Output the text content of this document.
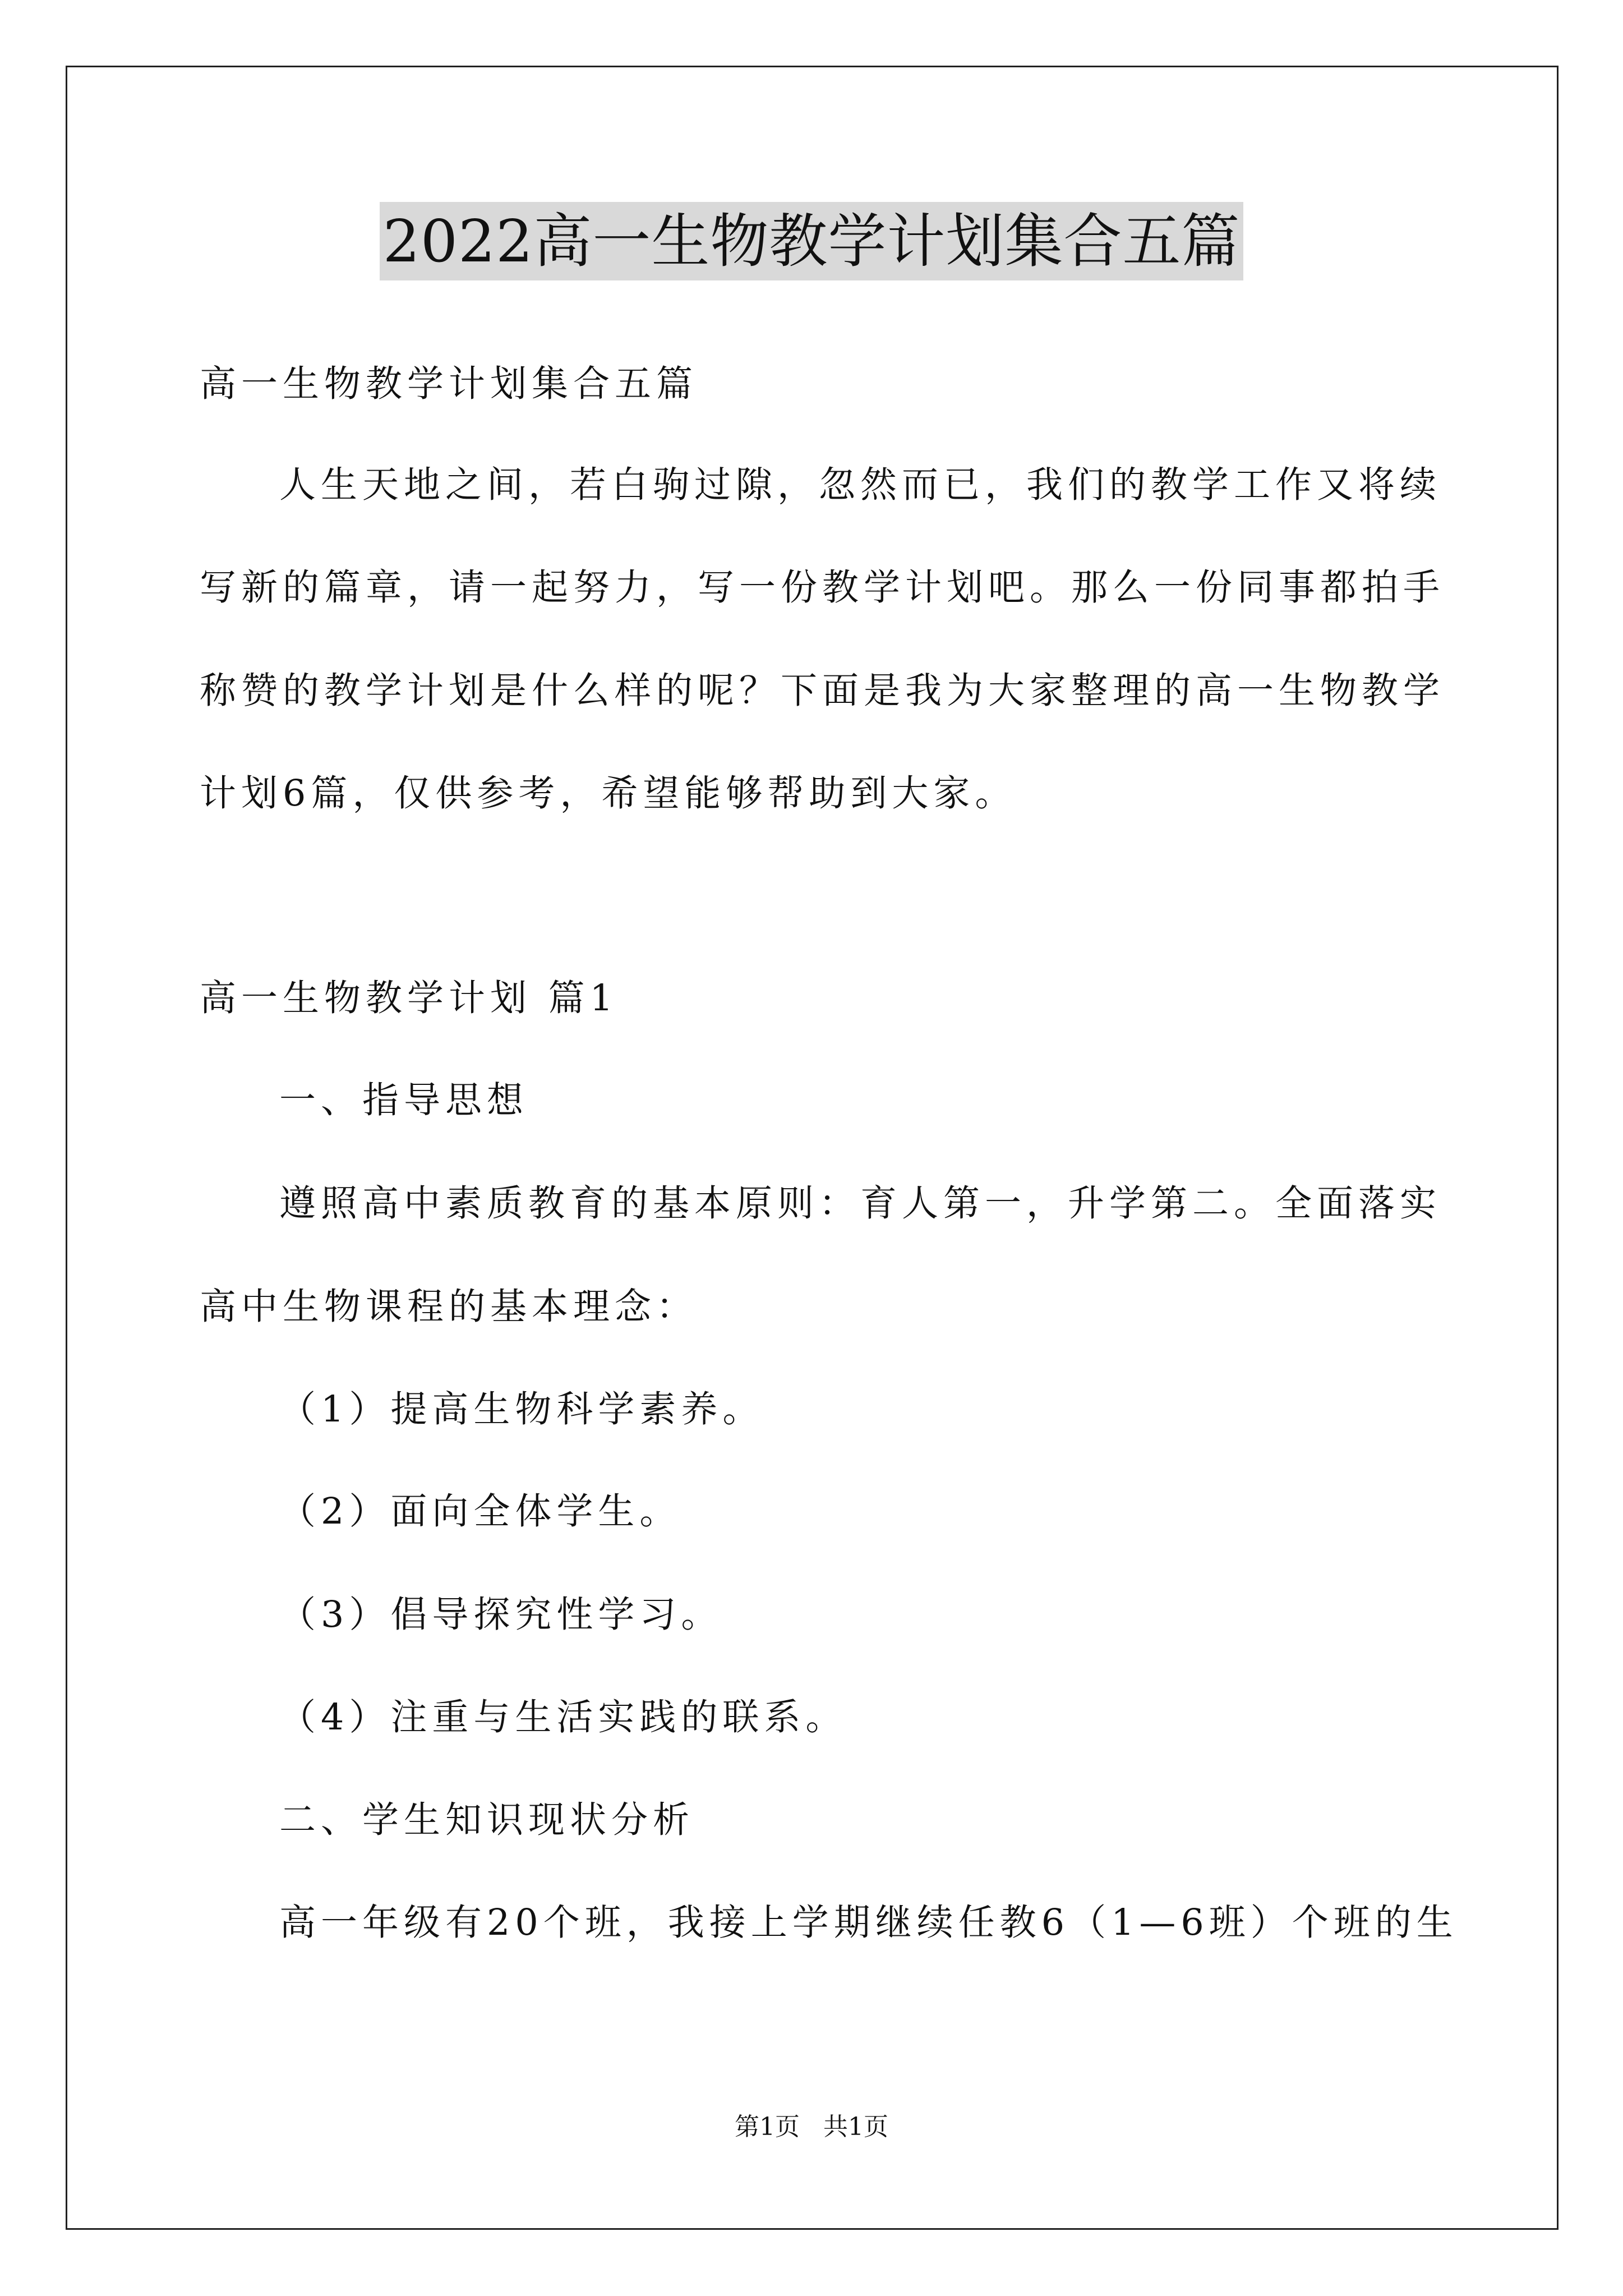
2022高一生物教学计划集合五篇
高一生物教学计划集合五篇
人生天地之间，若白驹过隙，忽然而已，我们的教学工作又将续
写新的篇章，请一起努力，写一份教学计划吧。那么一份同事都拍手
称赞的教学计划是什么样的呢？下面是我为大家整理的高一生物教学
计划6篇，仅供参考，希望能够帮助到大家。
高一生物教学计划 篇1
一、指导思想
遵照高中素质教育的基本原则：育人第一，升学第二。全面落实
高中生物课程的基本理念：
（1）提高生物科学素养。
（2）面向全体学生。
（3）倡导探究性学习。
（4）注重与生活实践的联系。
二、学生知识现状分析
高一年级有20个班，我接上学期继续任教6（1—6班）个班的生
第1页 共1页
